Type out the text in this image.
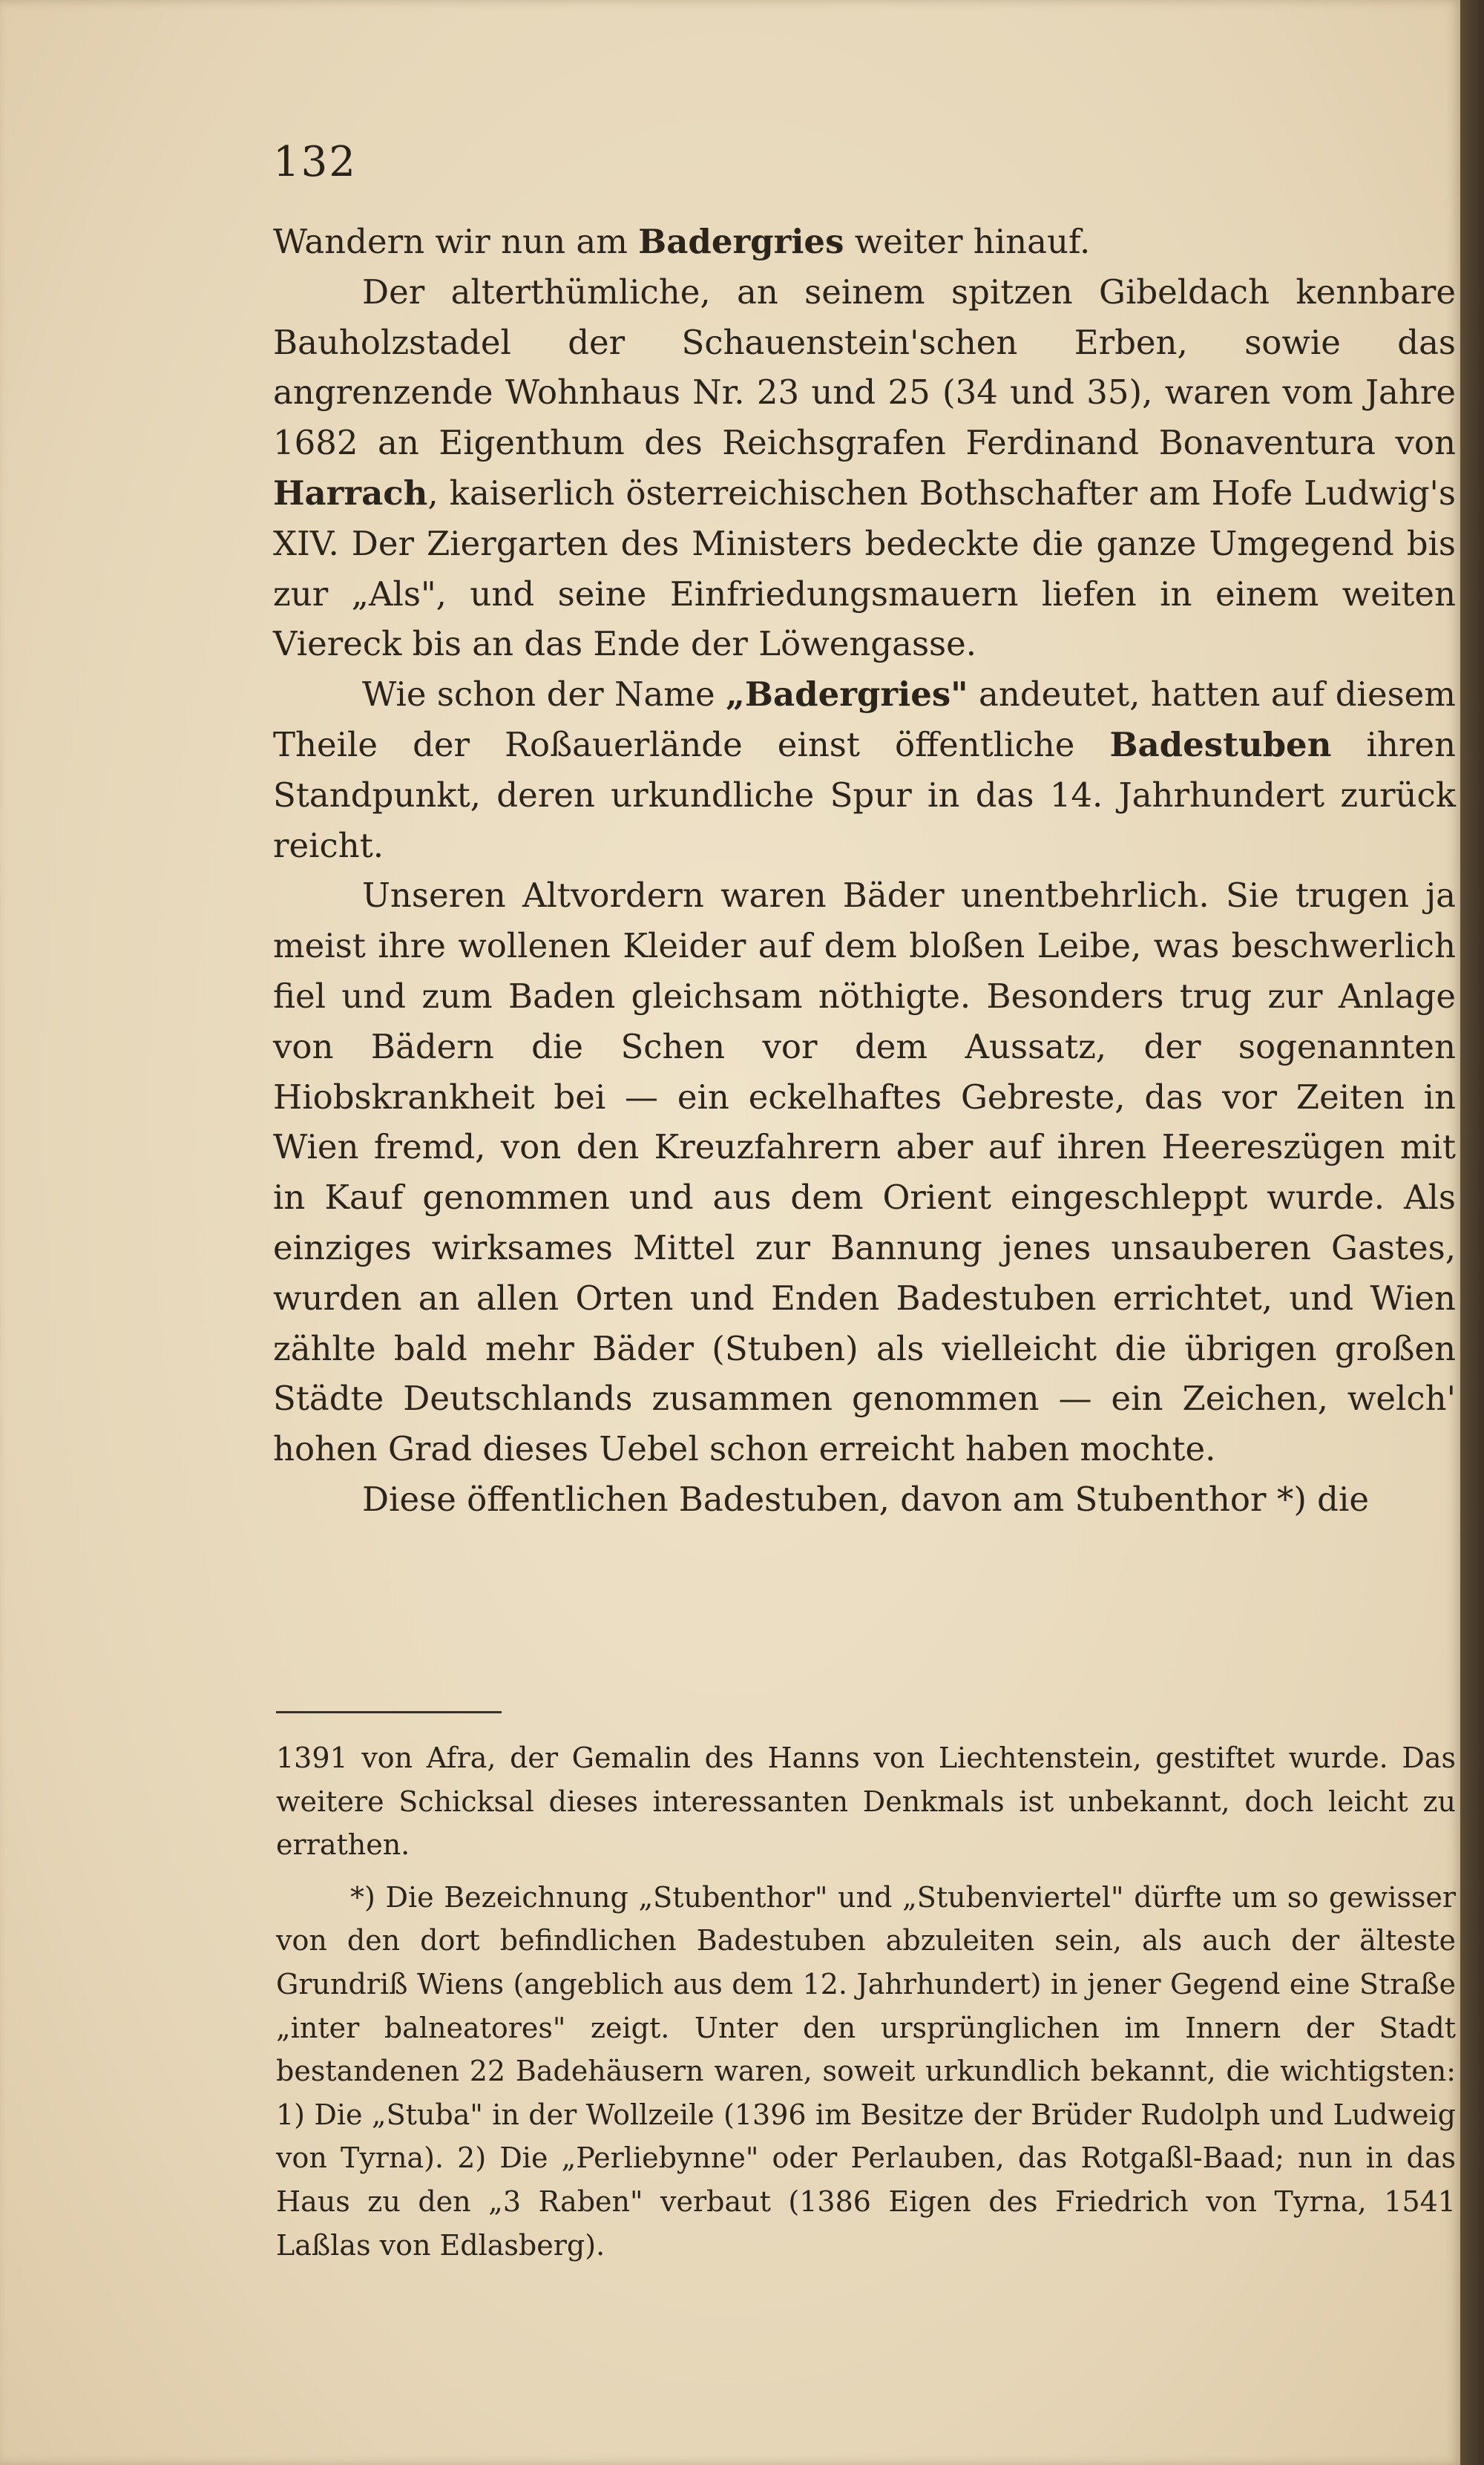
132

Wandern wir nun am Badergries weiter hinauf.

Der alterthümliche, an seinem spitzen Gibeldach kennbare Bauholzstadel der Schauenstein'schen Erben, sowie das angrenzende Wohnhaus Nr. 23 und 25 (34 und 35), waren vom Jahre 1682 an Eigenthum des Reichsgrafen Ferdinand Bonaventura von Harrach, kaiserlich österreichischen Bothschafter am Hofe Ludwig's XIV. Der Ziergarten des Ministers bedeckte die ganze Umgegend bis zur „Als", und seine Einfriedungsmauern liefen in einem weiten Viereck bis an das Ende der Löwengasse.

Wie schon der Name „Badergries" andeutet, hatten auf diesem Theile der Roßauerlände einst öffentliche Badestuben ihren Standpunkt, deren urkundliche Spur in das 14. Jahrhundert zurück reicht.

Unseren Altvordern waren Bäder unentbehrlich. Sie trugen ja meist ihre wollenen Kleider auf dem bloßen Leibe, was beschwerlich fiel und zum Baden gleichsam nöthigte. Besonders trug zur Anlage von Bädern die Schen vor dem Aussatz, der sogenannten Hiobskrankheit bei — ein eckelhaftes Gebreste, das vor Zeiten in Wien fremd, von den Kreuzfahrern aber auf ihren Heereszügen mit in Kauf genommen und aus dem Orient eingeschleppt wurde. Als einziges wirksames Mittel zur Bannung jenes unsauberen Gastes, wurden an allen Orten und Enden Badestuben errichtet, und Wien zählte bald mehr Bäder (Stuben) als vielleicht die übrigen großen Städte Deutschlands zusammen genommen — ein Zeichen, welch' hohen Grad dieses Uebel schon erreicht haben mochte.

Diese öffentlichen Badestuben, davon am Stubenthor *) die

1391 von Afra, der Gemalin des Hanns von Liechtenstein, gestiftet wurde. Das weitere Schicksal dieses interessanten Denkmals ist unbekannt, doch leicht zu errathen.

*) Die Bezeichnung „Stubenthor" und „Stubenviertel" dürfte um so gewisser von den dort befindlichen Badestuben abzuleiten sein, als auch der älteste Grundriß Wiens (angeblich aus dem 12. Jahrhundert) in jener Gegend eine Straße „inter balneatores" zeigt. Unter den ursprünglichen im Innern der Stadt bestandenen 22 Badehäusern waren, soweit urkundlich bekannt, die wichtigsten: 1) Die „Stuba" in der Wollzeile (1396 im Besitze der Brüder Rudolph und Ludweig von Tyrna). 2) Die „Perliebynne" oder Perlauben, das Rotgaßl-Baad; nun in das Haus zu den „3 Raben" verbaut (1386 Eigen des Friedrich von Tyrna, 1541 Laßlas von Edlasberg).
